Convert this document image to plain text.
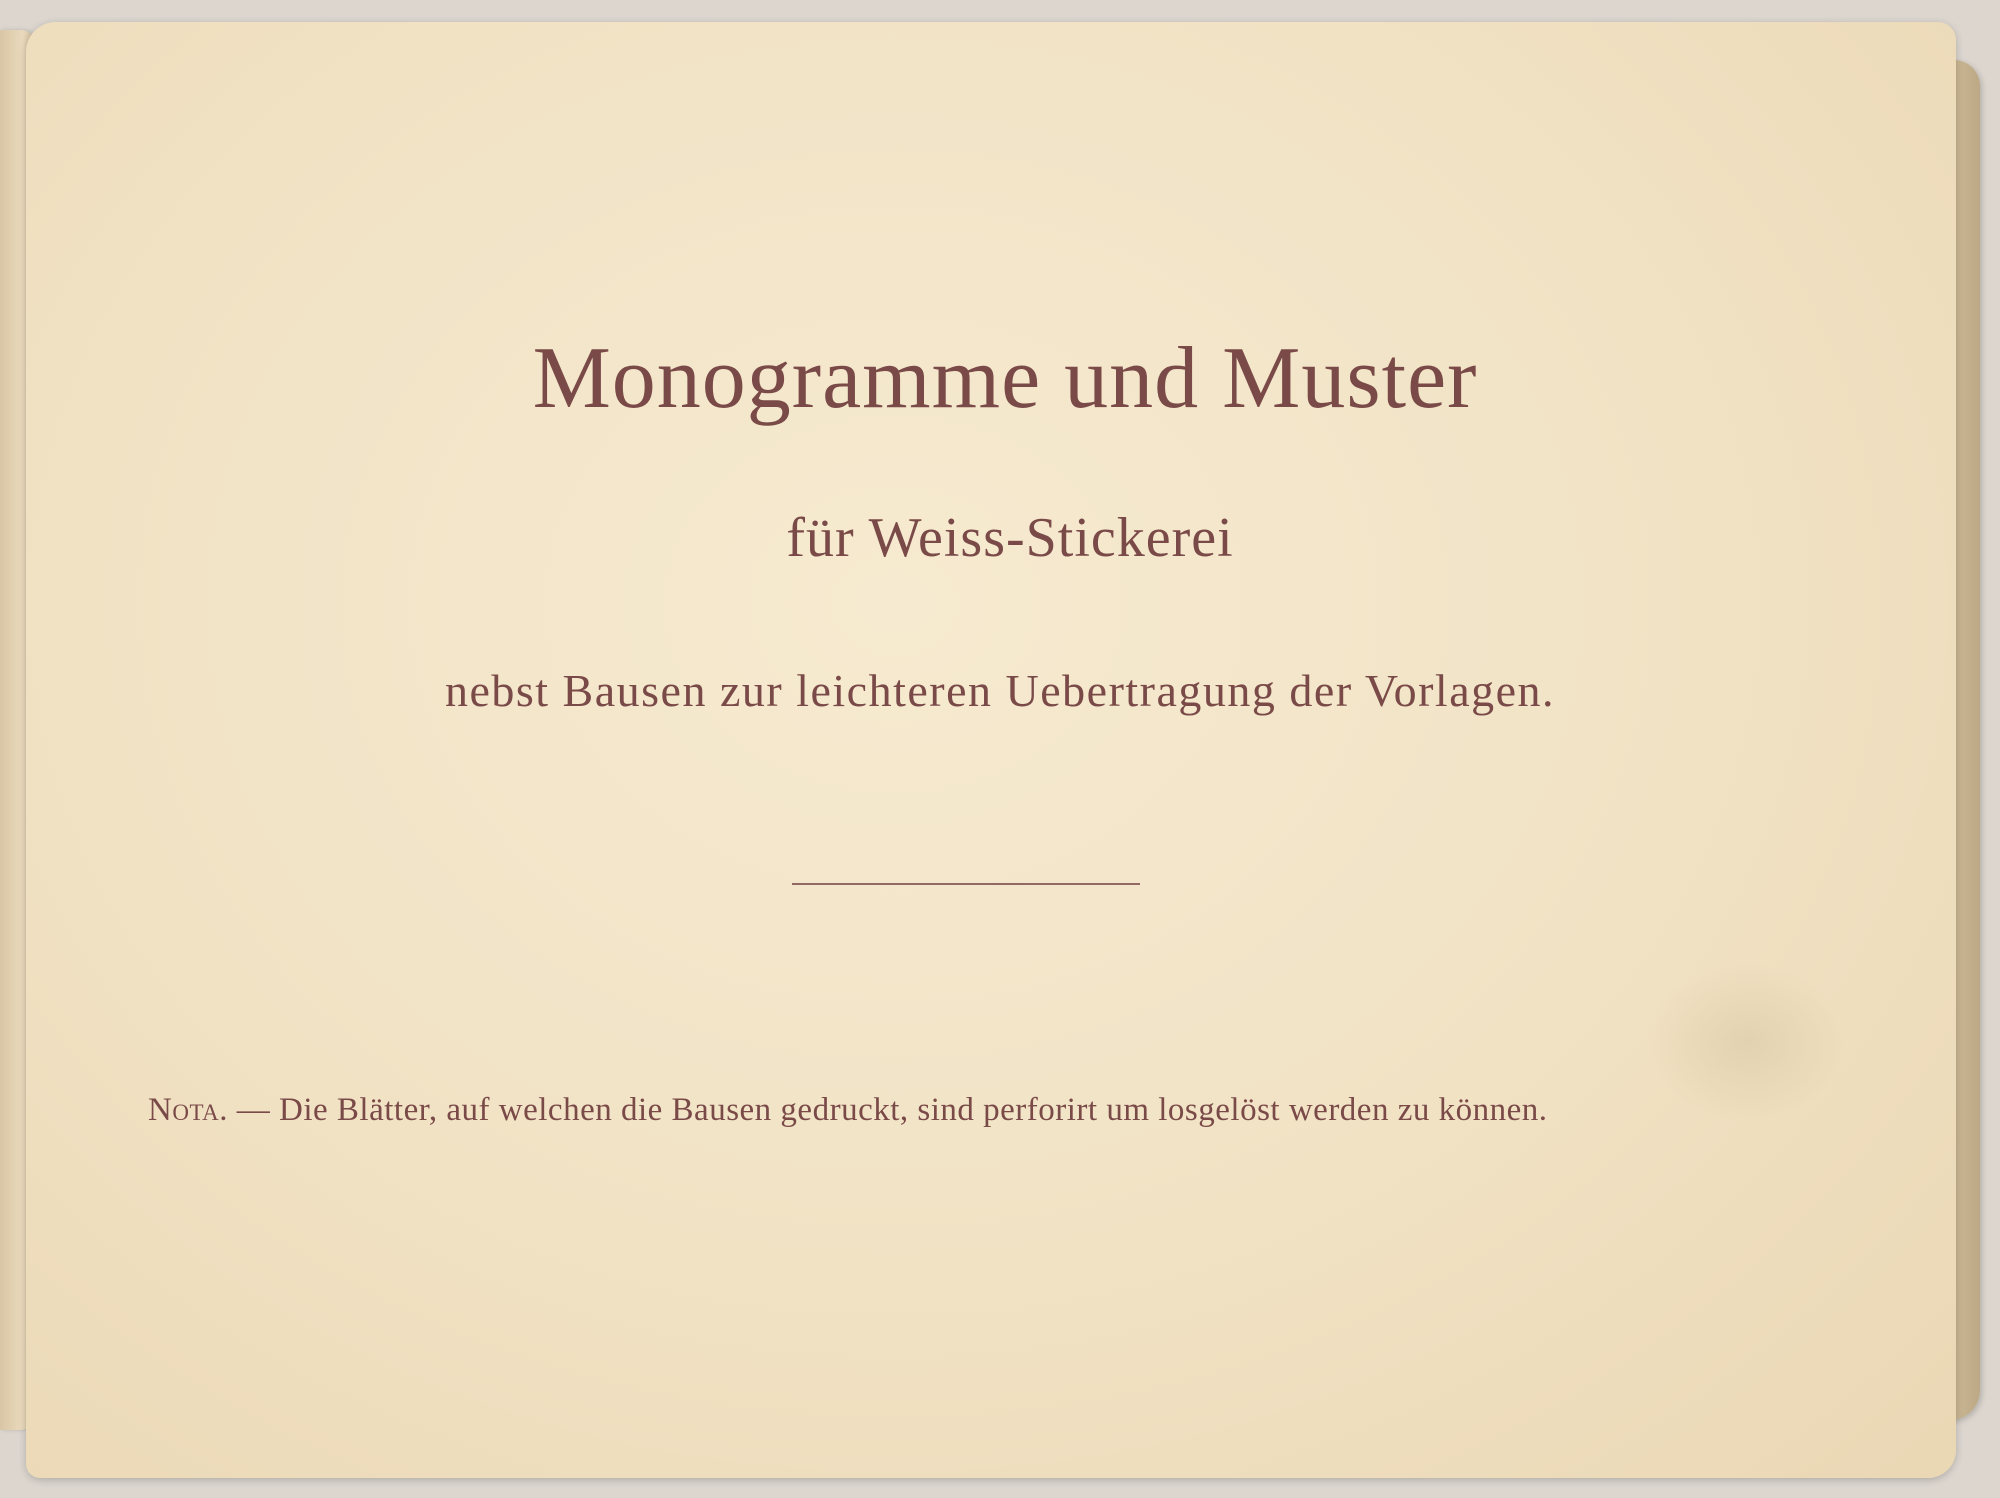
Monogramme und Muster
für Weiss-Stickerei

nebst Bausen zur leichteren Uebertragung der Vorlagen.

Nota. — Die Blätter, auf welchen die Bausen gedruckt, sind perforirt um losgelöst werden zu können.
